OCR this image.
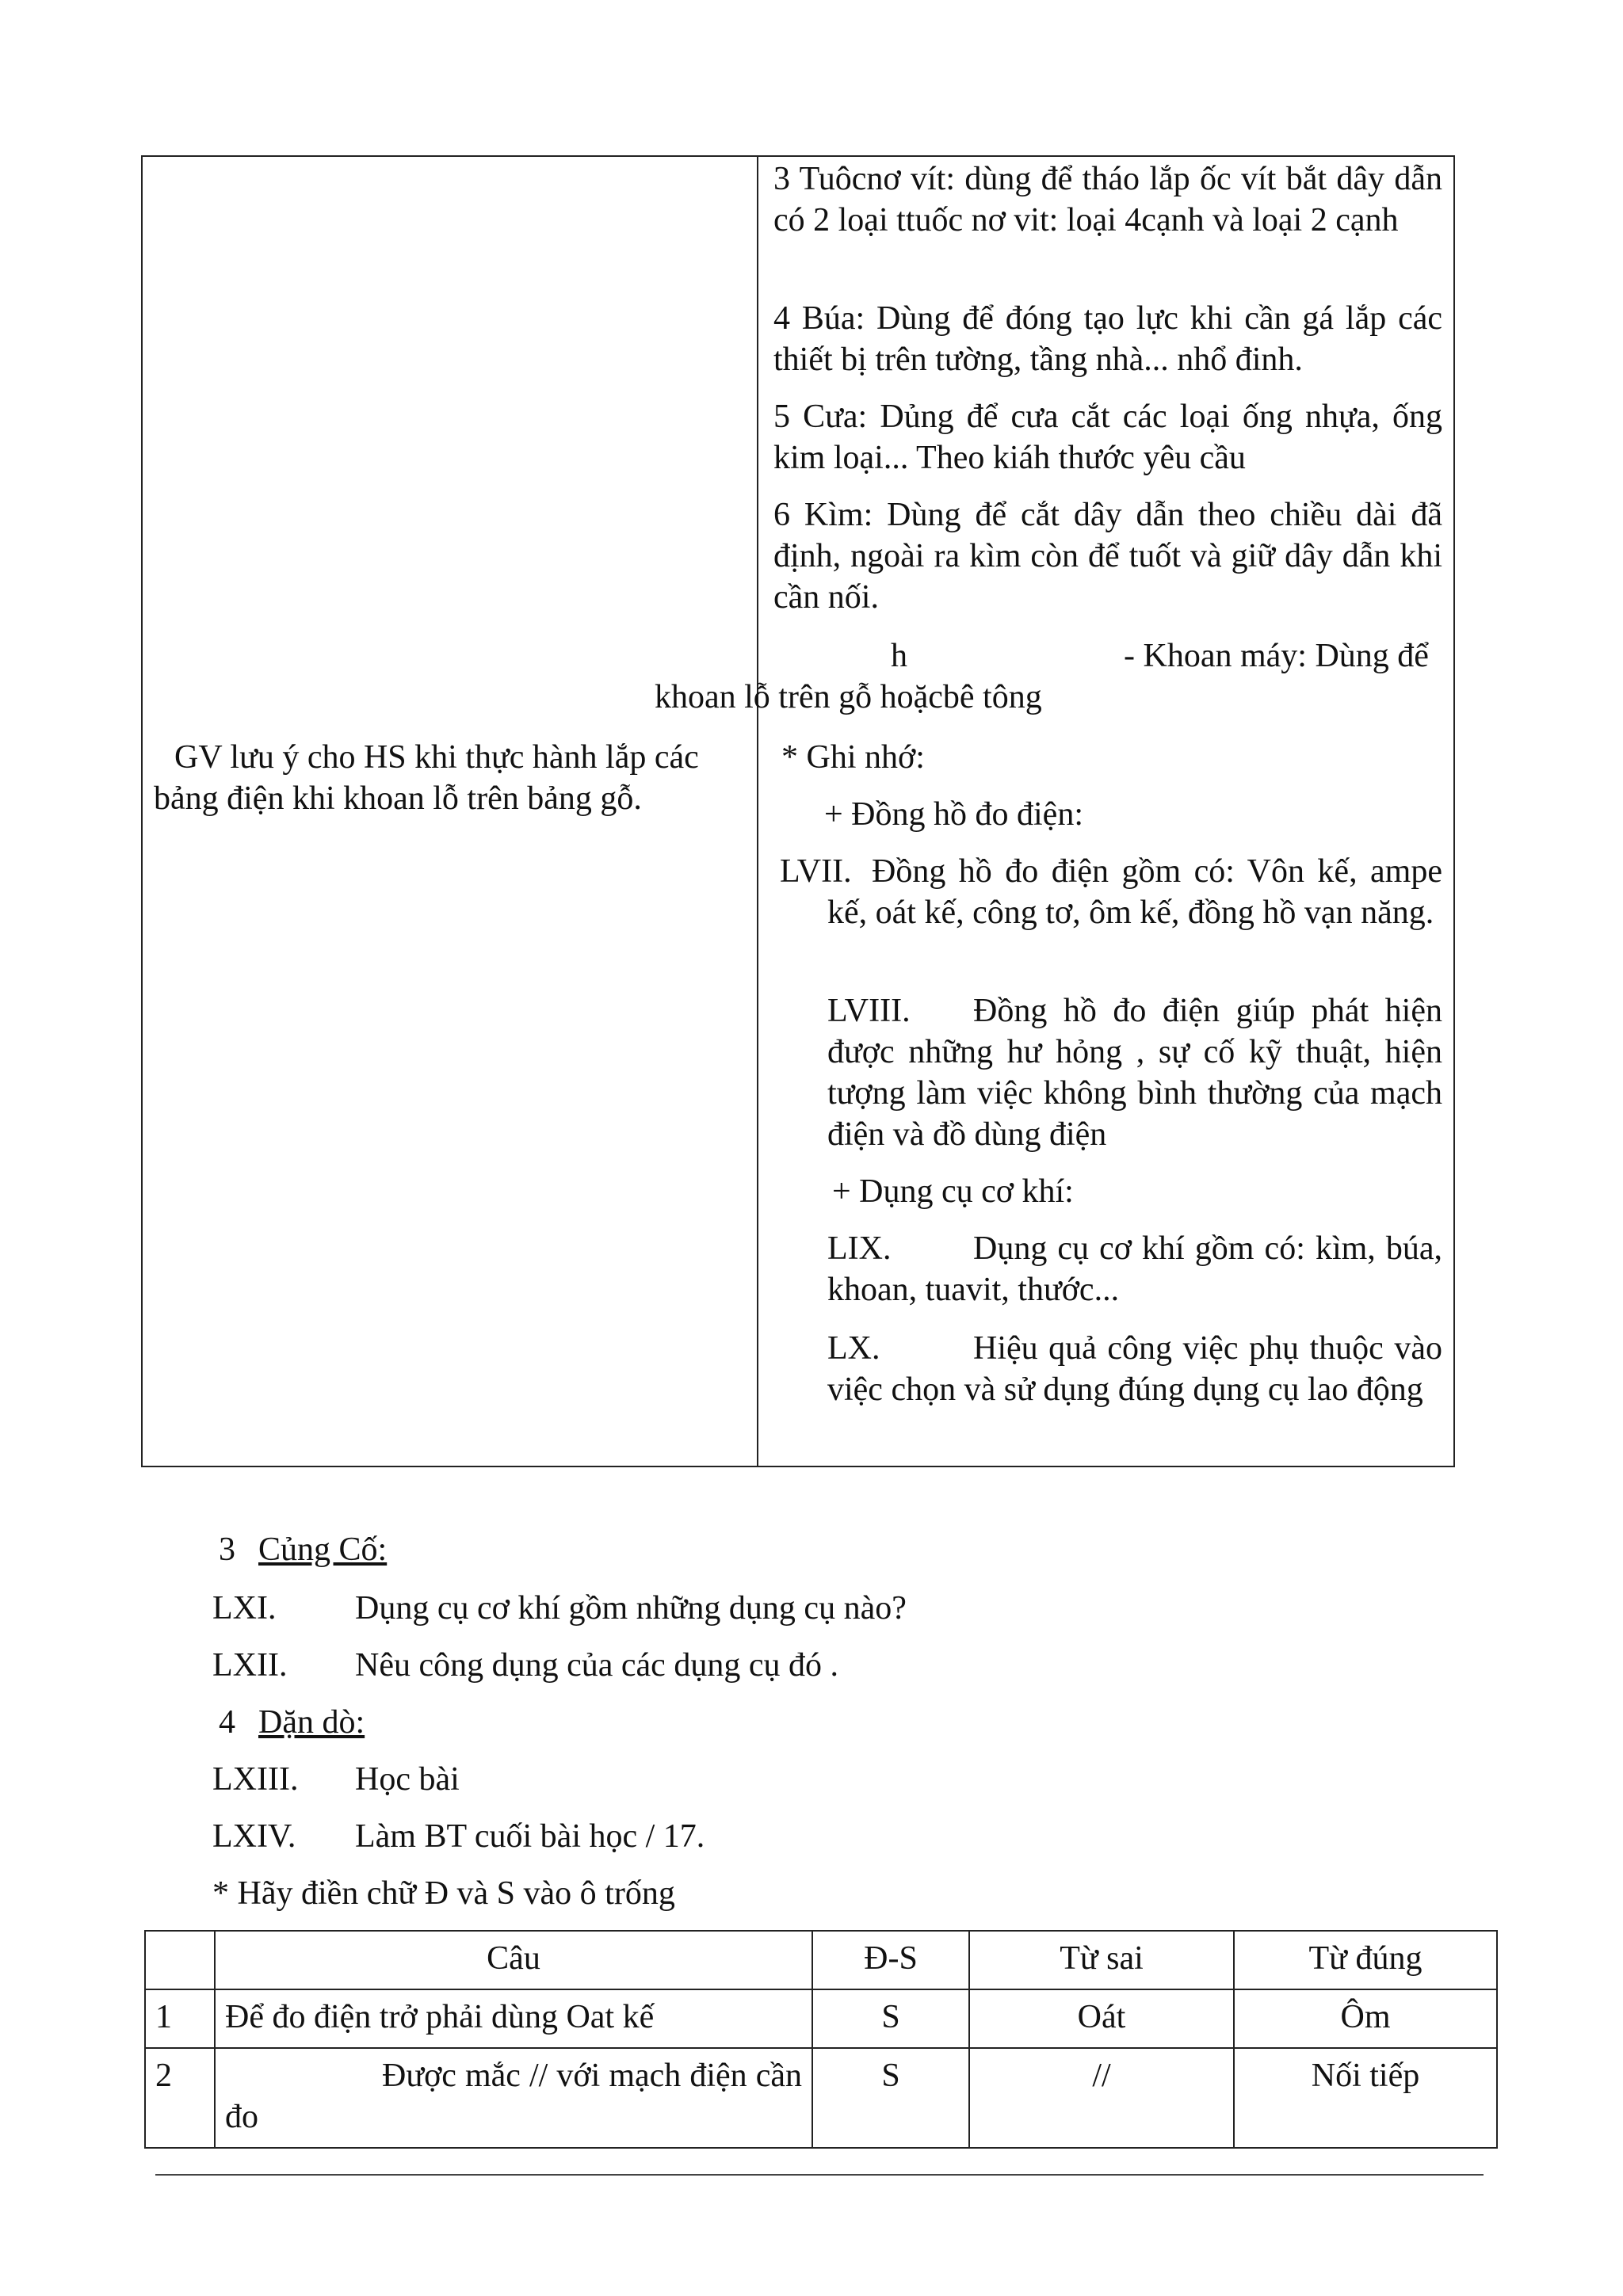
3 Tuôcnơ vít: dùng để tháo lắp ốc vít bắt dây dẫn có 2 loại ttuốc nơ vit: loại 4cạnh và loại 2 cạnh

4 Búa: Dùng để đóng tạo lực khi cần gá lắp các thiết bị trên tường, tầng nhà... nhổ đinh.

5 Cưa: Dủng để cưa cắt các loại ống nhựa, ống kim loại... Theo kiáh thước yêu cầu

6 Kìm: Dùng để cắt dây dẫn theo chiều dài đã định, ngoài ra kìm còn để tuốt và giữ dây dẫn khi cần nối.

h	- Khoan máy: Dùng để
khoan lỗ trên gỗ hoặcbê tông
* Ghi nhớ:
+ Đồng hồ đo điện:
LVII. Đồng hồ đo điện gồm có: Vôn kế, ampe kế, oát kế, công tơ, ôm kế, đồng hồ vạn năng.

LVIII.	Đồng hồ đo điện giúp phát hiện được những hư hỏng , sự cố kỹ thuật, hiện tượng làm việc không bình thường của mạch điện và đồ dùng điện

+ Dụng cụ cơ khí:
LIX.	Dụng cụ cơ khí gồm có: kìm, búa, khoan, tuavit, thước...

LX.	Hiệu quả công việc phụ thuộc vào việc chọn và sử dụng đúng dụng cụ lao động

GV lưu ý cho HS khi thực hành lắp các bảng điện khi khoan lỗ trên bảng gỗ.

3 Củng Cố:
LXI. Dụng cụ cơ khí gồm những dụng cụ nào?
LXII. Nêu công dụng của các dụng cụ đó .
4 Dặn dò:
LXIII. Học bài
LXIV. Làm BT cuối bài học / 17.
* Hãy điền chữ Đ và S vào ô trống
	Câu	Đ-S	Từ sai	Từ đúng
1	Để đo điện trở phải dùng Oat kế	S	Oát	Ôm
2	Được mắc // với mạch điện cần đo	S	//	Nối tiếp
